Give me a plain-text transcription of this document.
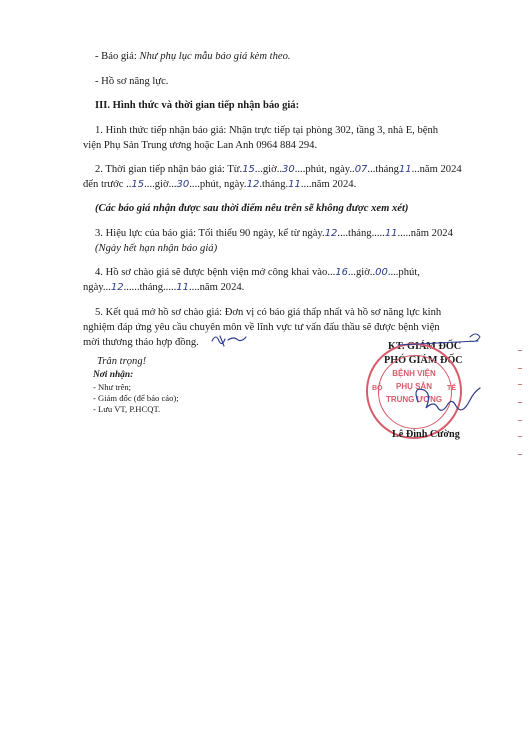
- Báo giá: Như phụ lục mẫu báo giá kèm theo.
- Hồ sơ năng lực.
III. Hình thức và thời gian tiếp nhận báo giá:
1. Hình thức tiếp nhận báo giá: Nhận trực tiếp tại phòng 302, tầng 3, nhà E, bệnh
viện Phụ Sản Trung ương hoặc Lan Anh 0964 884 294.
2. Thời gian tiếp nhận báo giá: Từ.15...giờ..30....phút, ngày..07...tháng11...năm 2024
đến trước ..15....giờ...30....phút, ngày.12.tháng.11....năm 2024.
(Các báo giá nhận được sau thời điểm nêu trên sẽ không được xem xét)
3. Hiệu lực của báo giá: Tối thiểu 90 ngày, kể từ ngày.12....tháng.....11.....năm 2024
(Ngày hết hạn nhận báo giá)
4. Hồ sơ chào giá sẽ được bệnh viện mở công khai vào...16...giờ..00....phút,
ngày...12......tháng.....11....năm 2024.
5. Kết quả mở hồ sơ chào giá: Đơn vị có báo giá thấp nhất và hồ sơ năng lực kinh
nghiệm đáp ứng yêu cầu chuyên môn về lĩnh vực tư vấn đấu thầu sẽ được bệnh viện
mời thương thảo hợp đồng.
Trân trọng!
Nơi nhận:
- Như trên;
- Giám đốc (để báo cáo);
- Lưu VT, P.HCQT.
KT. GIÁM ĐỐC
PHÓ GIÁM ĐỐC
BỆNH VIỆN
PHỤ SẢN
TRUNG ƯƠNG
BỘ	TẾ
Lê Đình Cường
